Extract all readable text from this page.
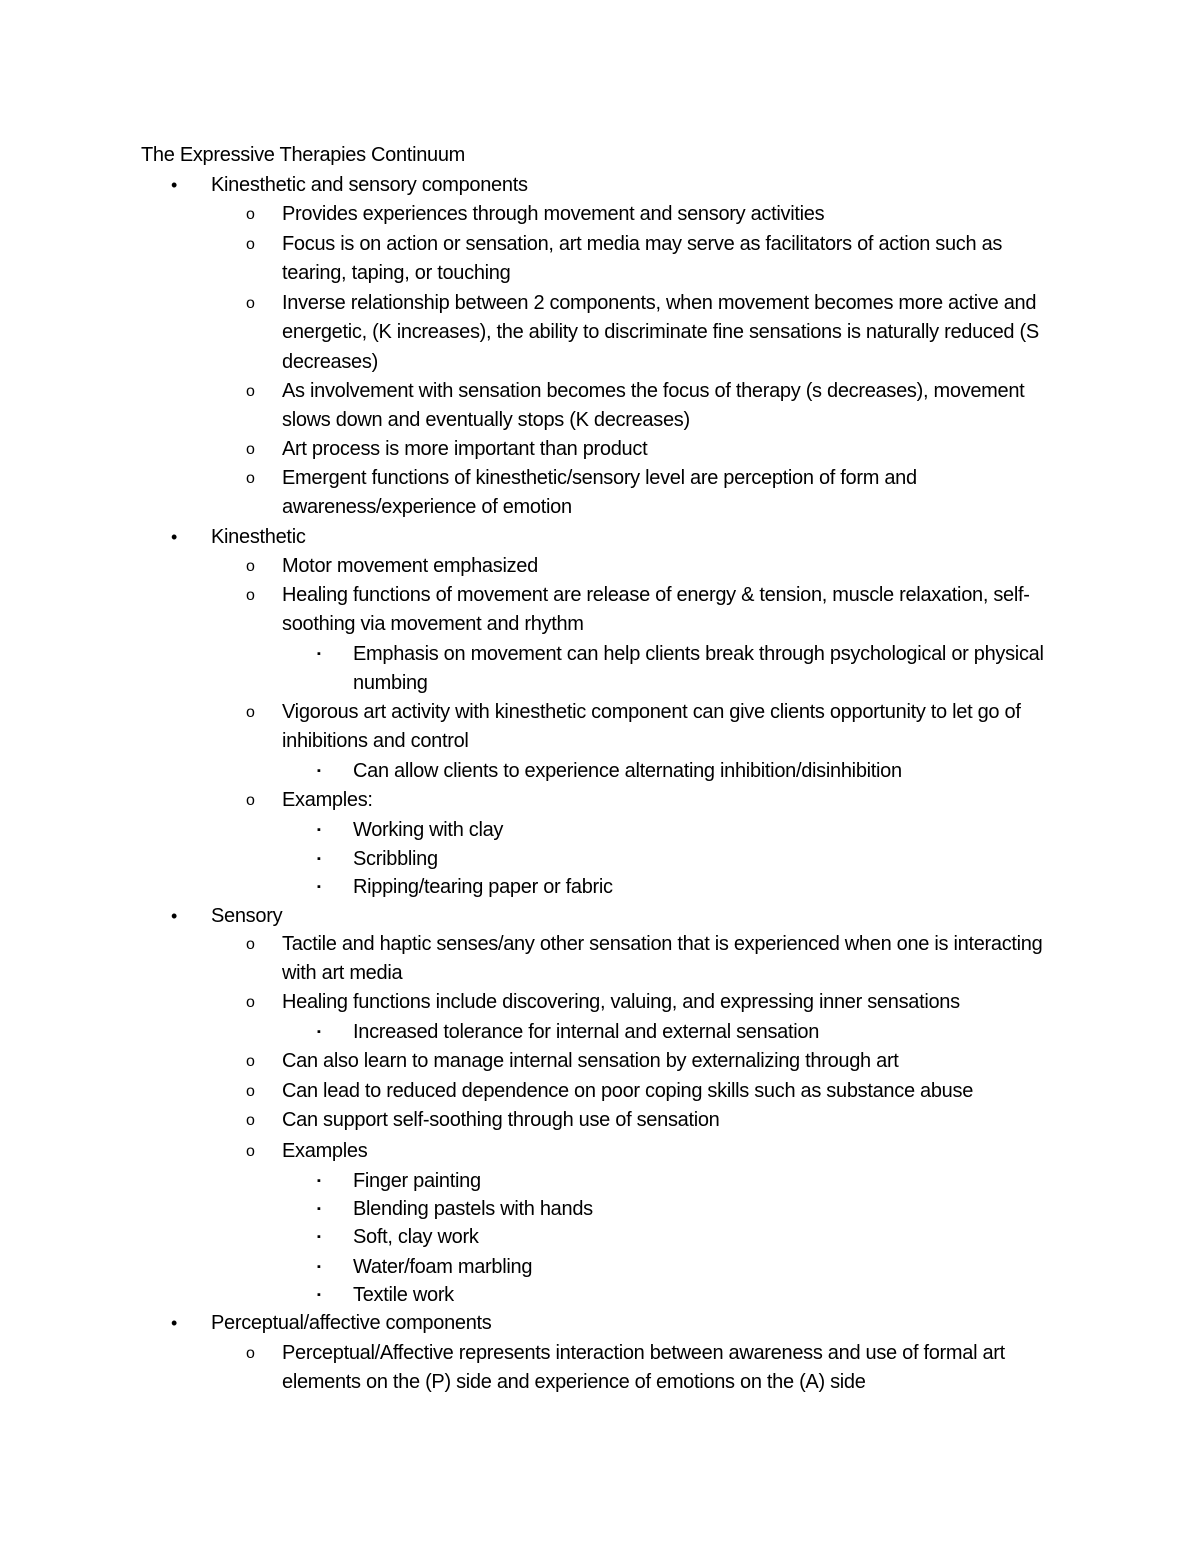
The Expressive Therapies Continuum
• Kinesthetic and sensory components
o Provides experiences through movement and sensory activities
o Focus is on action or sensation, art media may serve as facilitators of action such as tearing, taping, or touching
o Inverse relationship between 2 components, when movement becomes more active and energetic, (K increases), the ability to discriminate fine sensations is naturally reduced (S decreases)
o As involvement with sensation becomes the focus of therapy (s decreases), movement slows down and eventually stops (K decreases)
o Art process is more important than product
o Emergent functions of kinesthetic/sensory level are perception of form and awareness/experience of emotion
• Kinesthetic
o Motor movement emphasized
o Healing functions of movement are release of energy & tension, muscle relaxation, self-soothing via movement and rhythm
▪ Emphasis on movement can help clients break through psychological or physical numbing
o Vigorous art activity with kinesthetic component can give clients opportunity to let go of inhibitions and control
▪ Can allow clients to experience alternating inhibition/disinhibition
o Examples:
▪ Working with clay
▪ Scribbling
▪ Ripping/tearing paper or fabric
• Sensory
o Tactile and haptic senses/any other sensation that is experienced when one is interacting with art media
o Healing functions include discovering, valuing, and expressing inner sensations
▪ Increased tolerance for internal and external sensation
o Can also learn to manage internal sensation by externalizing through art
o Can lead to reduced dependence on poor coping skills such as substance abuse
o Can support self-soothing through use of sensation
o Examples
▪ Finger painting
▪ Blending pastels with hands
▪ Soft, clay work
▪ Water/foam marbling
▪ Textile work
• Perceptual/affective components
o Perceptual/Affective represents interaction between awareness and use of formal art elements on the (P) side and experience of emotions on the (A) side
